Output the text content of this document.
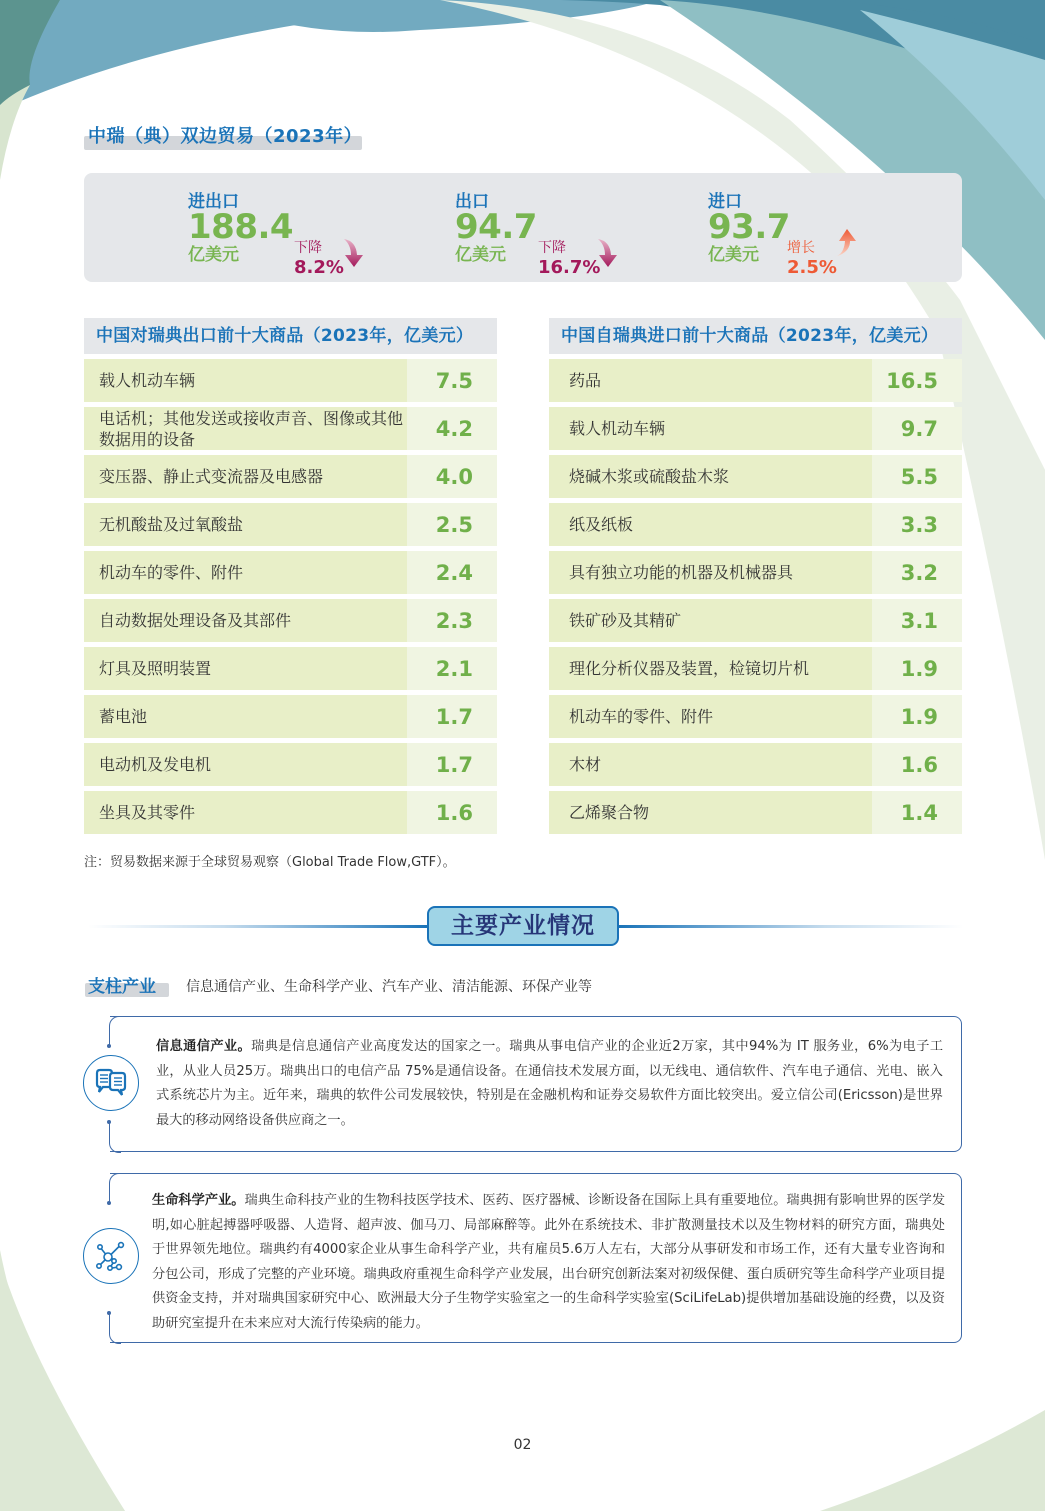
中瑞（典）双边贸易（2023年）
进出口
188.4
亿美元	下降
8.2%
出口
94.7
亿美元	下降
16.7%
进口
93.7
亿美元	增长
2.5%
中国对瑞典出口前十大商品（2023年，亿美元）
载人机动车辆	7.5
电话机；其他发送或接收声音、图像或其他数据用的设备	4.2
变压器、静止式变流器及电感器	4.0
无机酸盐及过氧酸盐	2.5
机动车的零件、附件	2.4
自动数据处理设备及其部件	2.3
灯具及照明装置	2.1
蓄电池	1.7
电动机及发电机	1.7
坐具及其零件	1.6
中国自瑞典进口前十大商品（2023年，亿美元）
药品	16.5
载人机动车辆	9.7
烧碱木浆或硫酸盐木浆	5.5
纸及纸板	3.3
具有独立功能的机器及机械器具	3.2
铁矿砂及其精矿	3.1
理化分析仪器及装置，检镜切片机	1.9
机动车的零件、附件	1.9
木材	1.6
乙烯聚合物	1.4
注：贸易数据来源于全球贸易观察（Global Trade Flow,GTF）。
主要产业情况
支柱产业 信息通信产业、生命科学产业、汽车产业、清洁能源、环保产业等
信息通信产业。瑞典是信息通信产业高度发达的国家之一。瑞典从事电信产业的企业近2万家，其中94%为 IT 服务业，6%为电子工业，从业人员25万。瑞典出口的电信产品 75%是通信设备。在通信技术发展方面，以无线电、通信软件、汽车电子通信、光电、嵌入式系统芯片为主。近年来，瑞典的软件公司发展较快，特别是在金融机构和证券交易软件方面比较突出。爱立信公司(Ericsson)是世界最大的移动网络设备供应商之一。
生命科学产业。瑞典生命科技产业的生物科技医学技术、医药、医疗器械、诊断设备在国际上具有重要地位。瑞典拥有影响世界的医学发明,如心脏起搏器呼吸器、人造肾、超声波、伽马刀、局部麻醉等。此外在系统技术、非扩散测量技术以及生物材料的研究方面，瑞典处于世界领先地位。瑞典约有4000家企业从事生命科学产业，共有雇员5.6万人左右，大部分从事研发和市场工作，还有大量专业咨询和分包公司，形成了完整的产业环境。瑞典政府重视生命科学产业发展，出台研究创新法案对初级保健、蛋白质研究等生命科学产业项目提供资金支持，并对瑞典国家研究中心、欧洲最大分子生物学实验室之一的生命科学实验室(SciLifeLab)提供增加基础设施的经费，以及资助研究室提升在未来应对大流行传染病的能力。
02
